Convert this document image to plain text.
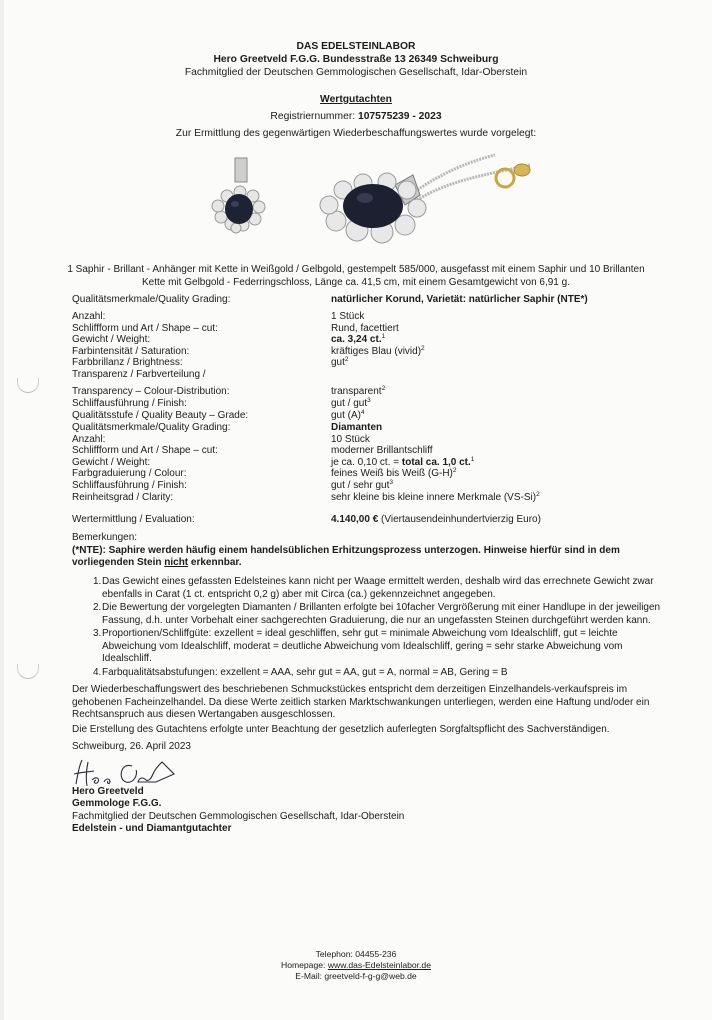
DAS EDELSTEINLABOR
Hero Greetveld F.G.G. Bundesstraße 13 26349 Schweiburg
Fachmitglied der Deutschen Gemmologischen Gesellschaft, Idar-Oberstein
Wertgutachten
Registriernummer: 107575239 - 2023
Zur Ermittlung des gegenwärtigen Wiederbeschaffungswertes wurde vorgelegt:
1 Saphir - Brillant - Anhänger mit Kette in Weißgold / Gelbgold, gestempelt 585/000, ausgefasst mit einem Saphir und 10 Brillanten
Kette mit Gelbgold - Federringschloss, Länge ca. 41,5 cm, mit einem Gesamtgewicht von 6,91 g.
Qualitätsmerkmale/Quality Grading:	natürlicher Korund, Varietät: natürlicher Saphir (NTE*)
Anzahl:	1 Stück
Schliffform und Art / Shape – cut:	Rund, facettiert
Gewicht / Weight:	ca. 3,24 ct.$^1$
Farbintensität / Saturation:	kräftiges Blau (vivid)$^2$
Farbbrillanz / Brightness:	gut$^2$
Transparenz / Farbverteilung /
Transparency – Colour-Distribution:	transparent$^2$
Schliffausführung / Finish:	gut / gut$^3$
Qualitätsstufe / Quality Beauty – Grade:	gut $(A)^4$
Qualitätsmerkmale/Quality Grading:	Diamanten
Anzahl:	10 Stück
Schliffform und Art / Shape – cut:	moderner Brillantschliff
Gewicht / Weight:	je ca. 0,10 ct. = total ca. 1,0 ct.$^1$
Farbgraduierung / Colour:	feines Weiß bis Weiß $(G-H)^2$
Schliffausführung / Finish:	gut / sehr gut$^3$
Reinheitsgrad / Clarity:	sehr kleine bis kleine innere Merkmale $(VS-Si)^2$
Wertermittlung / Evaluation:	4.140,00 € (Viertausendeinhundertvierzig Euro)
Bemerkungen:
(*NTE): Saphire werden häufig einem handelsüblichen Erhitzungsprozess unterzogen. Hinweise hierfür sind in dem vorliegenden Stein nicht erkennbar.
1. Das Gewicht eines gefassten Edelsteines kann nicht per Waage ermittelt werden, deshalb wird das errechnete Gewicht zwar ebenfalls in Carat (1 ct. entspricht 0,2 g) aber mit Circa (ca.) gekennzeichnet angegeben.
2. Die Bewertung der vorgelegten Diamanten / Brillanten erfolgte bei 10facher Vergrößerung mit einer Handlupe in der jeweiligen Fassung, d.h. unter Vorbehalt einer sachgerechten Graduierung, die nur an ungefassten Steinen durchgeführt werden kann.
3. Proportionen/Schliffgüte: exzellent = ideal geschliffen, sehr gut = minimale Abweichung vom Idealschliff, gut = leichte Abweichung vom Idealschliff, moderat = deutliche Abweichung vom Idealschliff, gering = sehr starke Abweichung vom Idealschliff.
4. Farbqualitätsabstufungen: exzellent = AAA, sehr gut = AA, gut = A, normal = AB, Gering = B
Der Wiederbeschaffungswert des beschriebenen Schmuckstückes entspricht dem derzeitigen Einzelhandels-verkaufspreis im gehobenen Facheinzelhandel. Da diese Werte zeitlich starken Marktschwankungen unterliegen, werden eine Haftung und/oder ein Rechtsanspruch aus diesen Wertangaben ausgeschlossen.
Die Erstellung des Gutachtens erfolgte unter Beachtung der gesetzlich auferlegten Sorgfaltspflicht des Sachverständigen.
Schweiburg, 26. April 2023
Hero Greetveld
Gemmologe F.G.G.
Fachmitglied der Deutschen Gemmologischen Gesellschaft, Idar-Oberstein
Edelstein - und Diamantgutachter
Telephon: 04455-236
Homepage: www.das-Edelsteinlabor.de
E-Mail: greetveld-f-g-g@web.de
